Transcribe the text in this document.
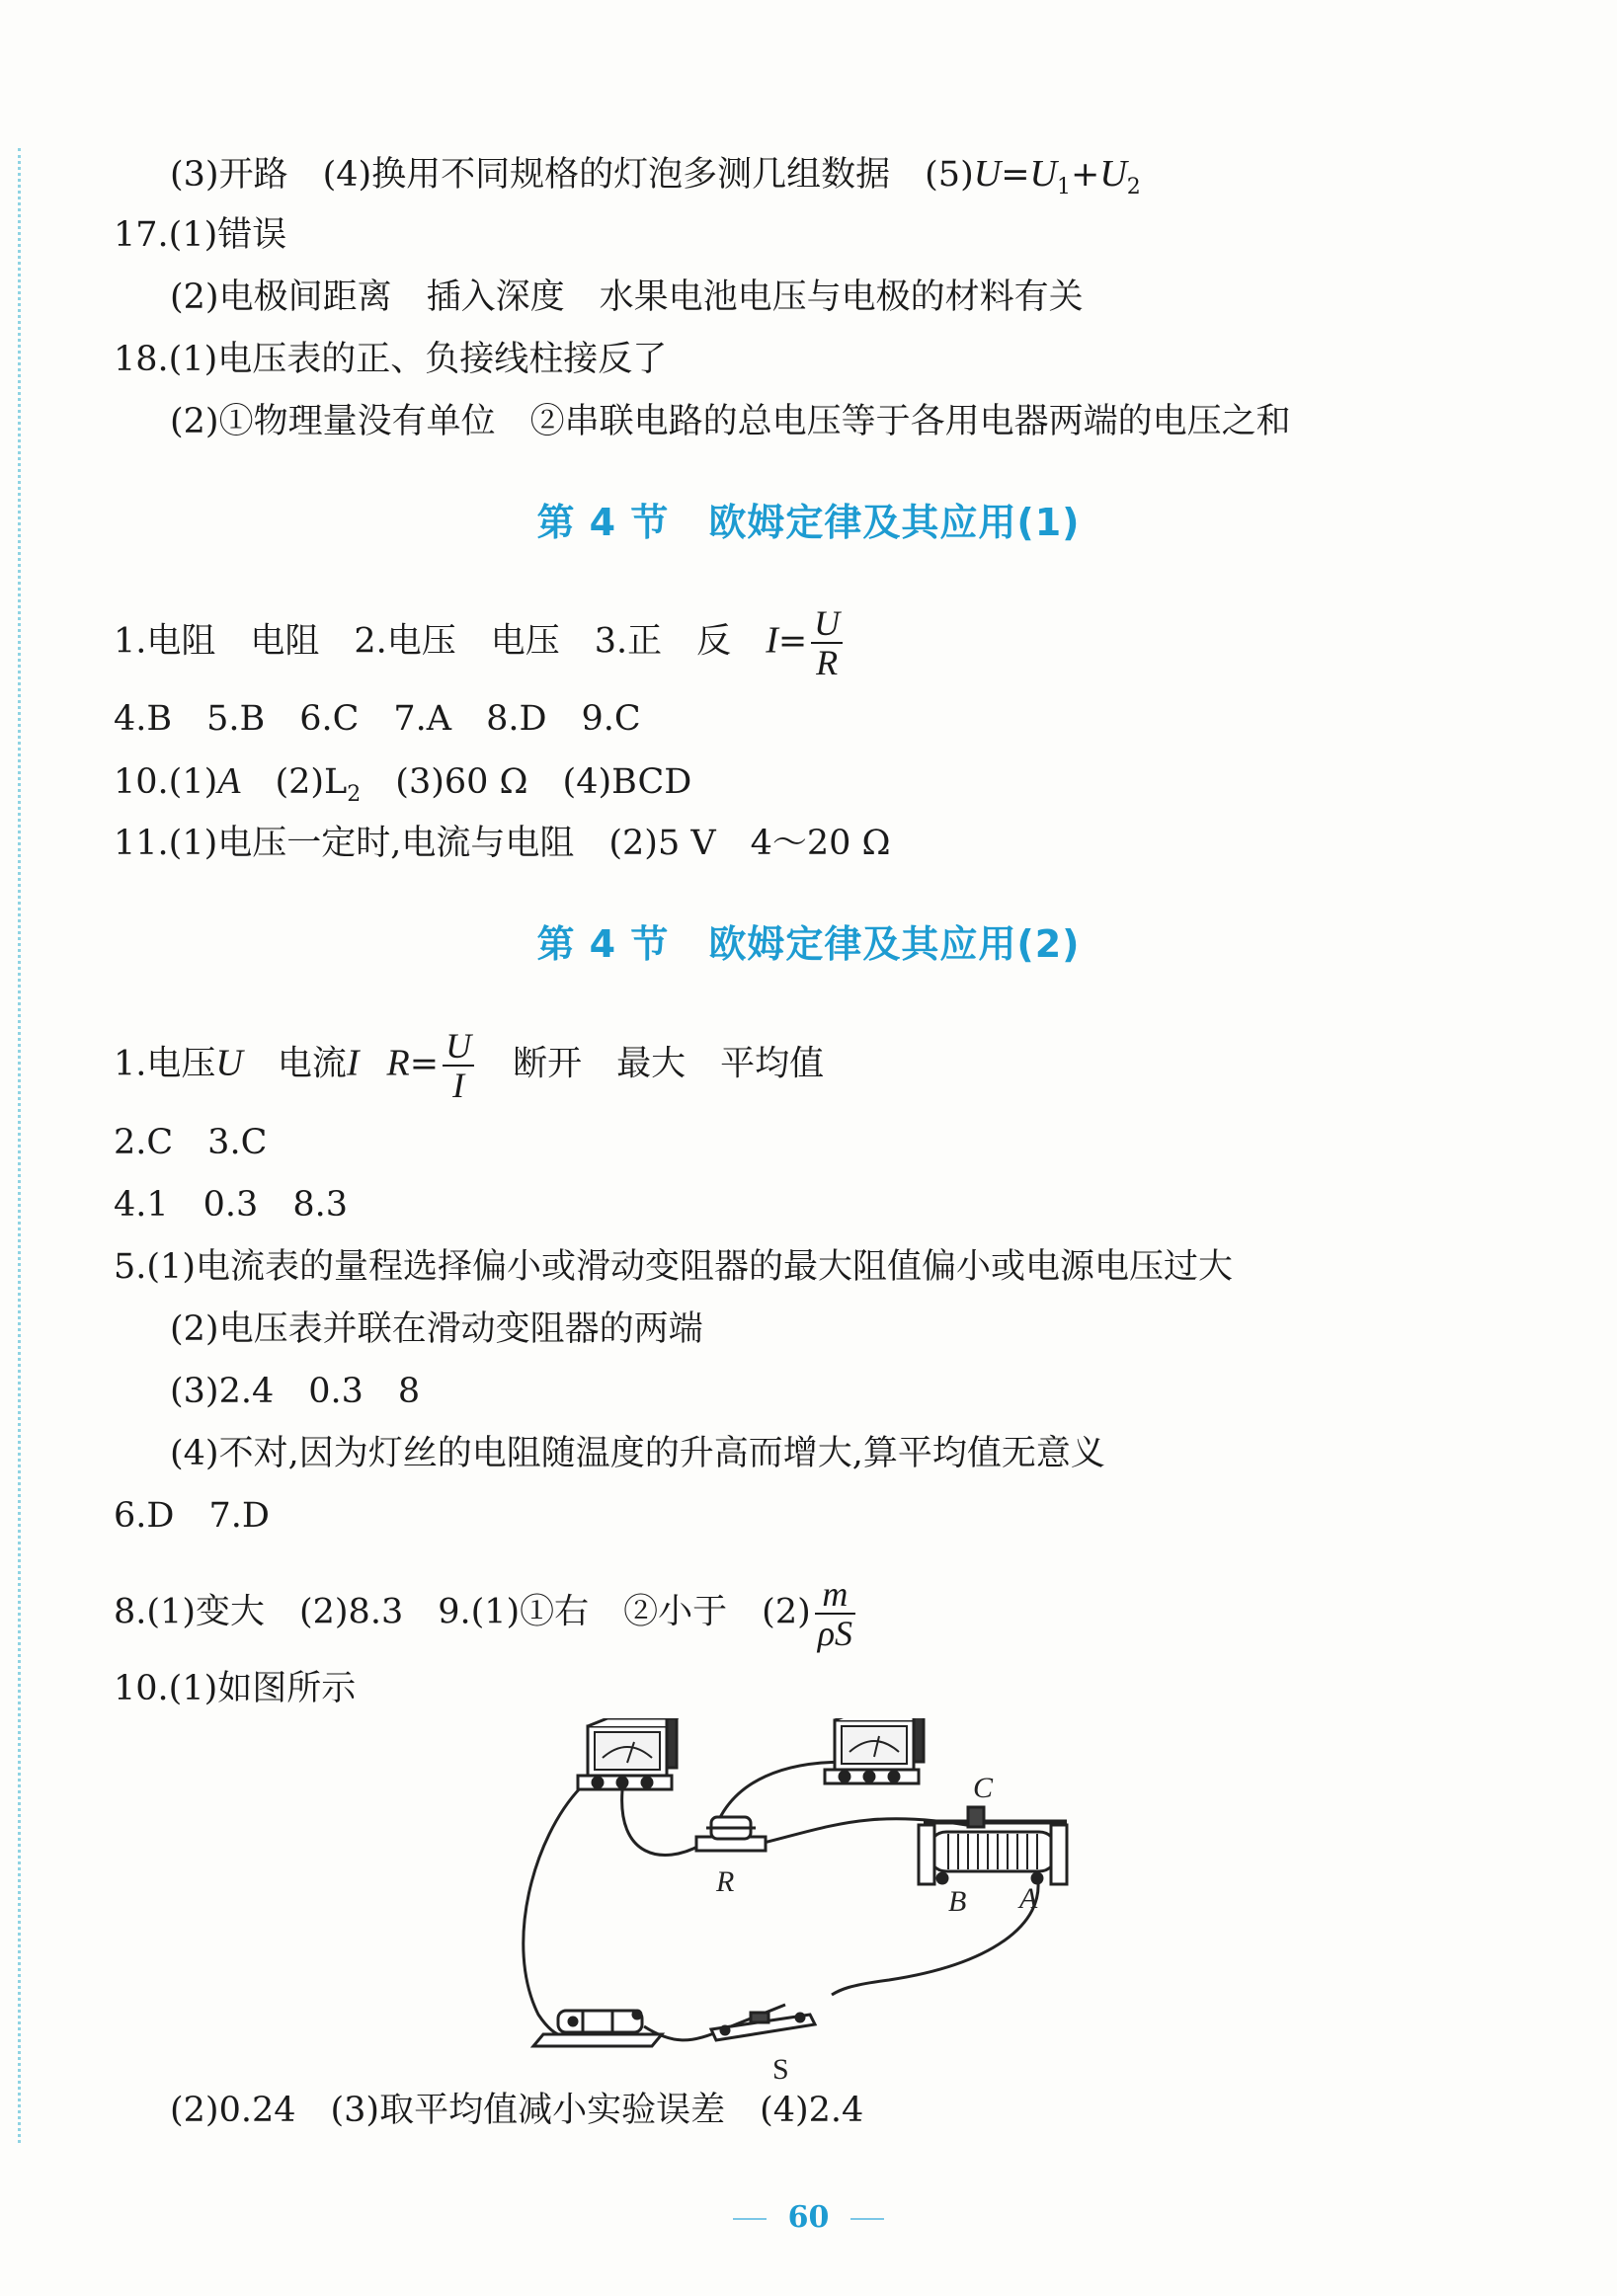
(3)开路　(4)换用不同规格的灯泡多测几组数据　$(5)U=U_1+U_2$
17.(1)错误
(2)电极间距离　插入深度　水果电池电压与电极的材料有关
18.(1)电压表的正、负接线柱接反了
(2)①物理量没有单位　②串联电路的总电压等于各用电器两端的电压之和
第 4 节 欧姆定律及其应用(1)
1.电阻　电阻　2.电压　电压　3.正　反　$I= \frac{U}{R}$
4.B　5.B　6.C　7.A　8.D　9.C
10.(1)A　$(2)L_2$　(3)60 Ω　(4)BCD
11.(1)电压一定时,电流与电阻　(2)5 V　4～20 Ω
第 4 节 欧姆定律及其应用(2)
1.电压U　电流I $R= \frac{U}{I}$ 　断开　最大　平均值
2.C　3.C
4.1　0.3　8.3
5.(1)电流表的量程选择偏小或滑动变阻器的最大阻值偏小或电源电压过大
(2)电压表并联在滑动变阻器的两端
(3)2.4　0.3　8
(4)不对,因为灯丝的电阻随温度的升高而增大,算平均值无意义
6.D　7.D
8.(1)变大　(2)8.3　9.(1)①右　②小于　$(2) \frac{m}{\rho S}$
10.(1)如图所示
R
C
B A
S
(2)0.24　(3)取平均值减小实验误差　(4)2.4
60
